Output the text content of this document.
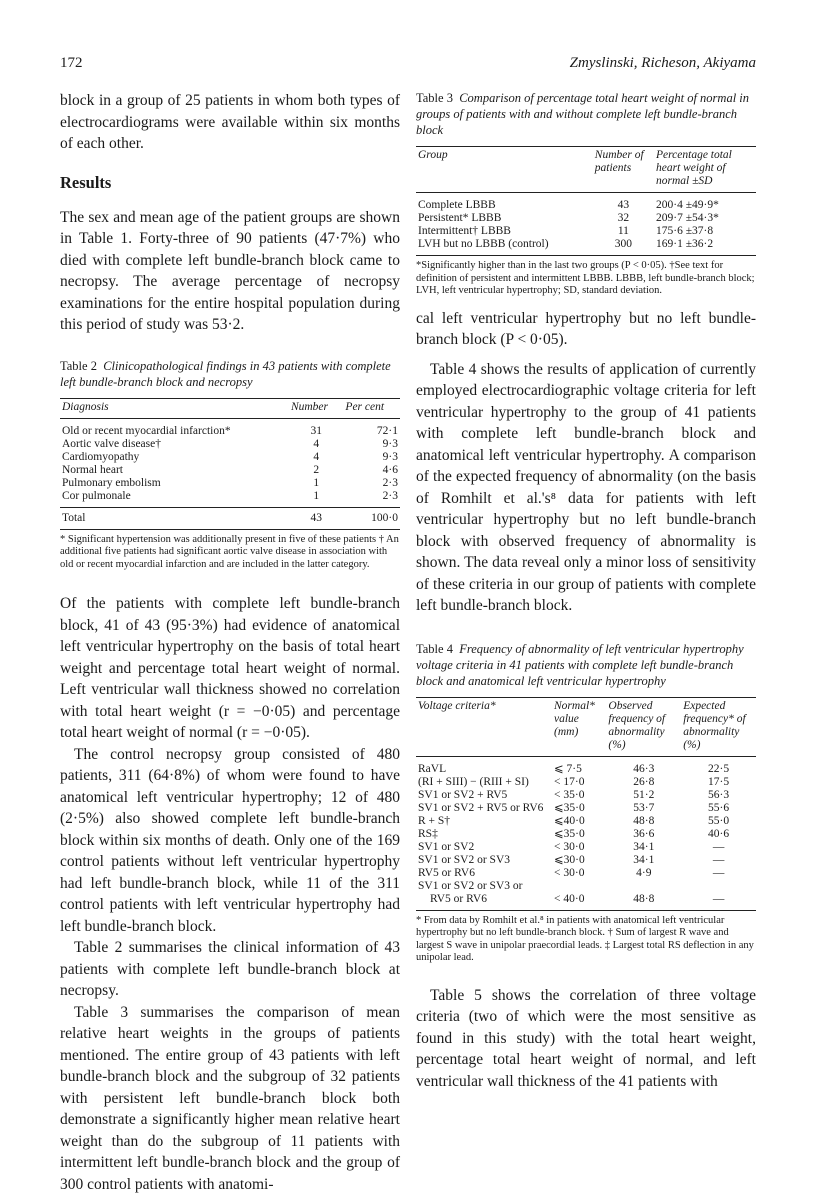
172	Zmyslinski, Richeson, Akiyama

block in a group of 25 patients in whom both types of electrocardiograms were available within six months of each other.

Results

The sex and mean age of the patient groups are shown in Table 1. Forty-three of 90 patients (47·7%) who died with complete left bundle-branch block came to necropsy. The average percentage of necropsy examinations for the entire hospital population during this period of study was 53·2.

Table 2 Clinicopathological findings in 43 patients with complete left bundle-branch block and necropsy

Diagnosis	Number	Per cent

Old or recent myocardial infarction*	31	72·1
Aortic valve disease†	4	9·3
Cardiomyopathy	4	9·3
Normal heart	2	4·6
Pulmonary embolism	1	2·3
Cor pulmonale	1	2·3
Total	43	100·0

* Significant hypertension was additionally present in five of these patients † An additional five patients had significant aortic valve disease in association with old or recent myocardial infarction and are included in the latter category.

Of the patients with complete left bundle-branch block, 41 of 43 (95·3%) had evidence of anatomical left ventricular hypertrophy on the basis of total heart weight and percentage total heart weight of normal. Left ventricular wall thickness showed no correlation with total heart weight (r = −0·05) and percentage total heart weight of normal (r = −0·05).

The control necropsy group consisted of 480 patients, 311 (64·8%) of whom were found to have anatomical left ventricular hypertrophy; 12 of 480 (2·5%) also showed complete left bundle-branch block within six months of death. Only one of the 169 control patients without left ventricular hypertrophy had left bundle-branch block, while 11 of the 311 control patients with left ventricular hypertrophy had left bundle-branch block.

Table 2 summarises the clinical information of 43 patients with complete left bundle-branch block at necropsy.

Table 3 summarises the comparison of mean relative heart weights in the groups of patients mentioned. The entire group of 43 patients with left bundle-branch block and the subgroup of 32 patients with persistent left bundle-branch block both demonstrate a significantly higher mean relative heart weight than do the subgroup of 11 patients with intermittent left bundle-branch block and the group of 300 control patients with anatomi-

Table 3 Comparison of percentage total heart weight of normal in groups of patients with and without complete left bundle-branch block

Group	Number of patients	Percentage total heart weight of normal ±SD

Complete LBBB	43	200·4 ±49·9*
Persistent* LBBB	32	209·7 ±54·3*
Intermittent† LBBB	11	175·6 ±37·8
LVH but no LBBB (control)	300	169·1 ±36·2

*Significantly higher than in the last two groups (P < 0·05). †See text for definition of persistent and intermittent LBBB. LBBB, left bundle-branch block; LVH, left ventricular hypertrophy; SD, standard deviation.

cal left ventricular hypertrophy but no left bundle-branch block (P < 0·05).

Table 4 shows the results of application of currently employed electrocardiographic voltage criteria for left ventricular hypertrophy to the group of 41 patients with complete left bundle-branch block and anatomical left ventricular hypertrophy. A comparison of the expected frequency of abnormality (on the basis of Romhilt et al.'s⁸ data for patients with left ventricular hypertrophy but no left bundle-branch block with observed frequency of abnormality is shown. The data reveal only a minor loss of sensitivity of these criteria in our group of patients with complete left bundle-branch block.

Table 4 Frequency of abnormality of left ventricular hypertrophy voltage criteria in 41 patients with complete left bundle-branch block and anatomical left ventricular hypertrophy

Voltage criteria*	Normal* value (mm)	Observed frequency of abnormality (%)	Expected frequency* of abnormality (%)

RaVL	⩽ 7·5	46·3	22·5
(RI + SIII) − (RIII + SI)	< 17·0	26·8	17·5
SV1 or SV2 + RV5	< 35·0	51·2	56·3
SV1 or SV2 + RV5 or RV6	⩽35·0	53·7	55·6
R + S†	⩽40·0	48·8	55·0
RS‡	⩽35·0	36·6	40·6
SV1 or SV2	< 30·0	34·1	—
SV1 or SV2 or SV3	⩽30·0	34·1	—
RV5 or RV6	< 30·0	4·9	—
SV1 or SV2 or SV3 or			
RV5 or RV6	< 40·0	48·8	—

* From data by Romhilt et al.⁸ in patients with anatomical left ventricular hypertrophy but no left bundle-branch block. † Sum of largest R wave and largest S wave in unipolar praecordial leads. ‡ Largest total RS deflection in any unipolar lead.

Table 5 shows the correlation of three voltage criteria (two of which were the most sensitive as found in this study) with the total heart weight, percentage total heart weight of normal, and left ventricular wall thickness of the 41 patients with
